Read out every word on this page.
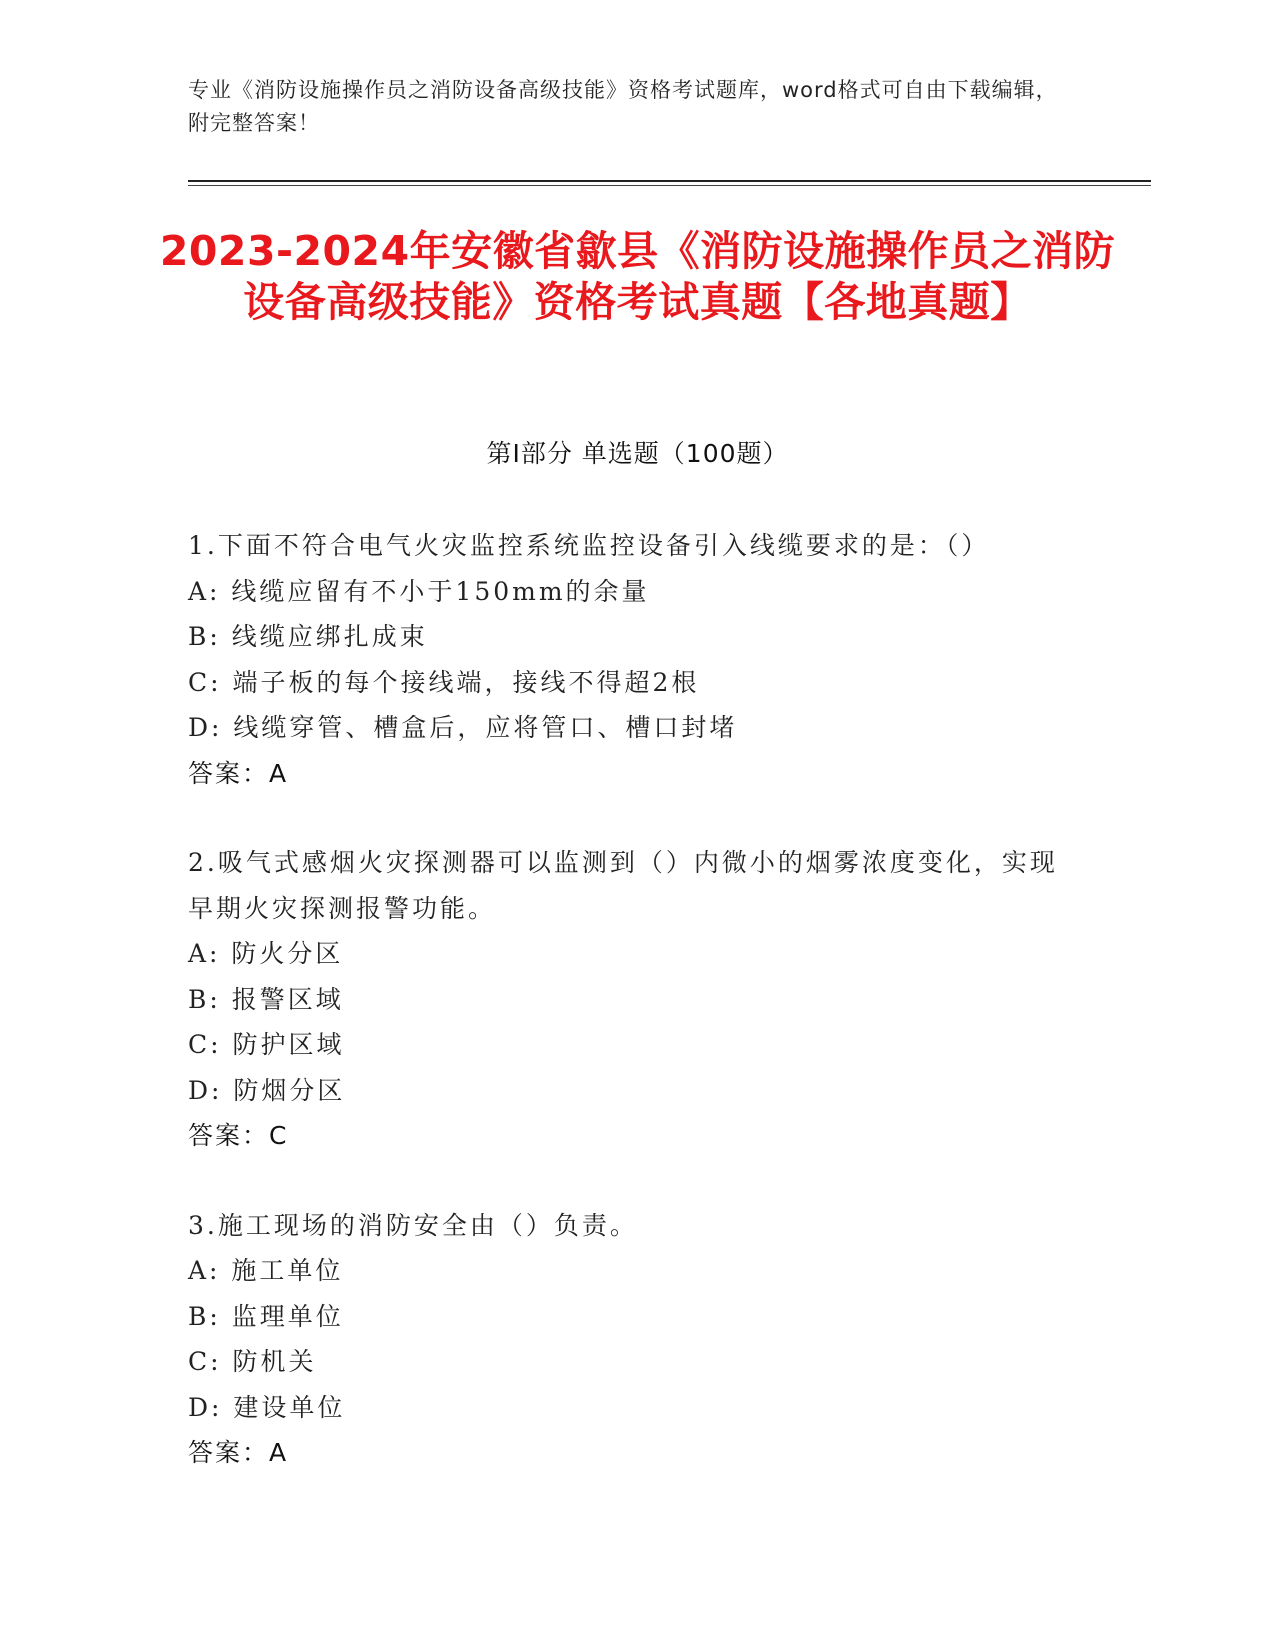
专业《消防设施操作员之消防设备高级技能》资格考试题库，word格式可自由下载编辑，附完整答案！
2023-2024年安徽省歙县《消防设施操作员之消防设备高级技能》资格考试真题【各地真题】
第Ⅰ部分 单选题（100题）
1.下面不符合电气火灾监控系统监控设备引入线缆要求的是：（）
A: 线缆应留有不小于150mm的余量
B: 线缆应绑扎成束
C: 端子板的每个接线端，接线不得超2根
D: 线缆穿管、槽盒后，应将管口、槽口封堵
答案：A
2.吸气式感烟火灾探测器可以监测到（）内微小的烟雾浓度变化，实现早期火灾探测报警功能。
A: 防火分区
B: 报警区域
C: 防护区域
D: 防烟分区
答案：C
3.施工现场的消防安全由（）负责。
A: 施工单位
B: 监理单位
C: 防机关
D: 建设单位
答案：A
